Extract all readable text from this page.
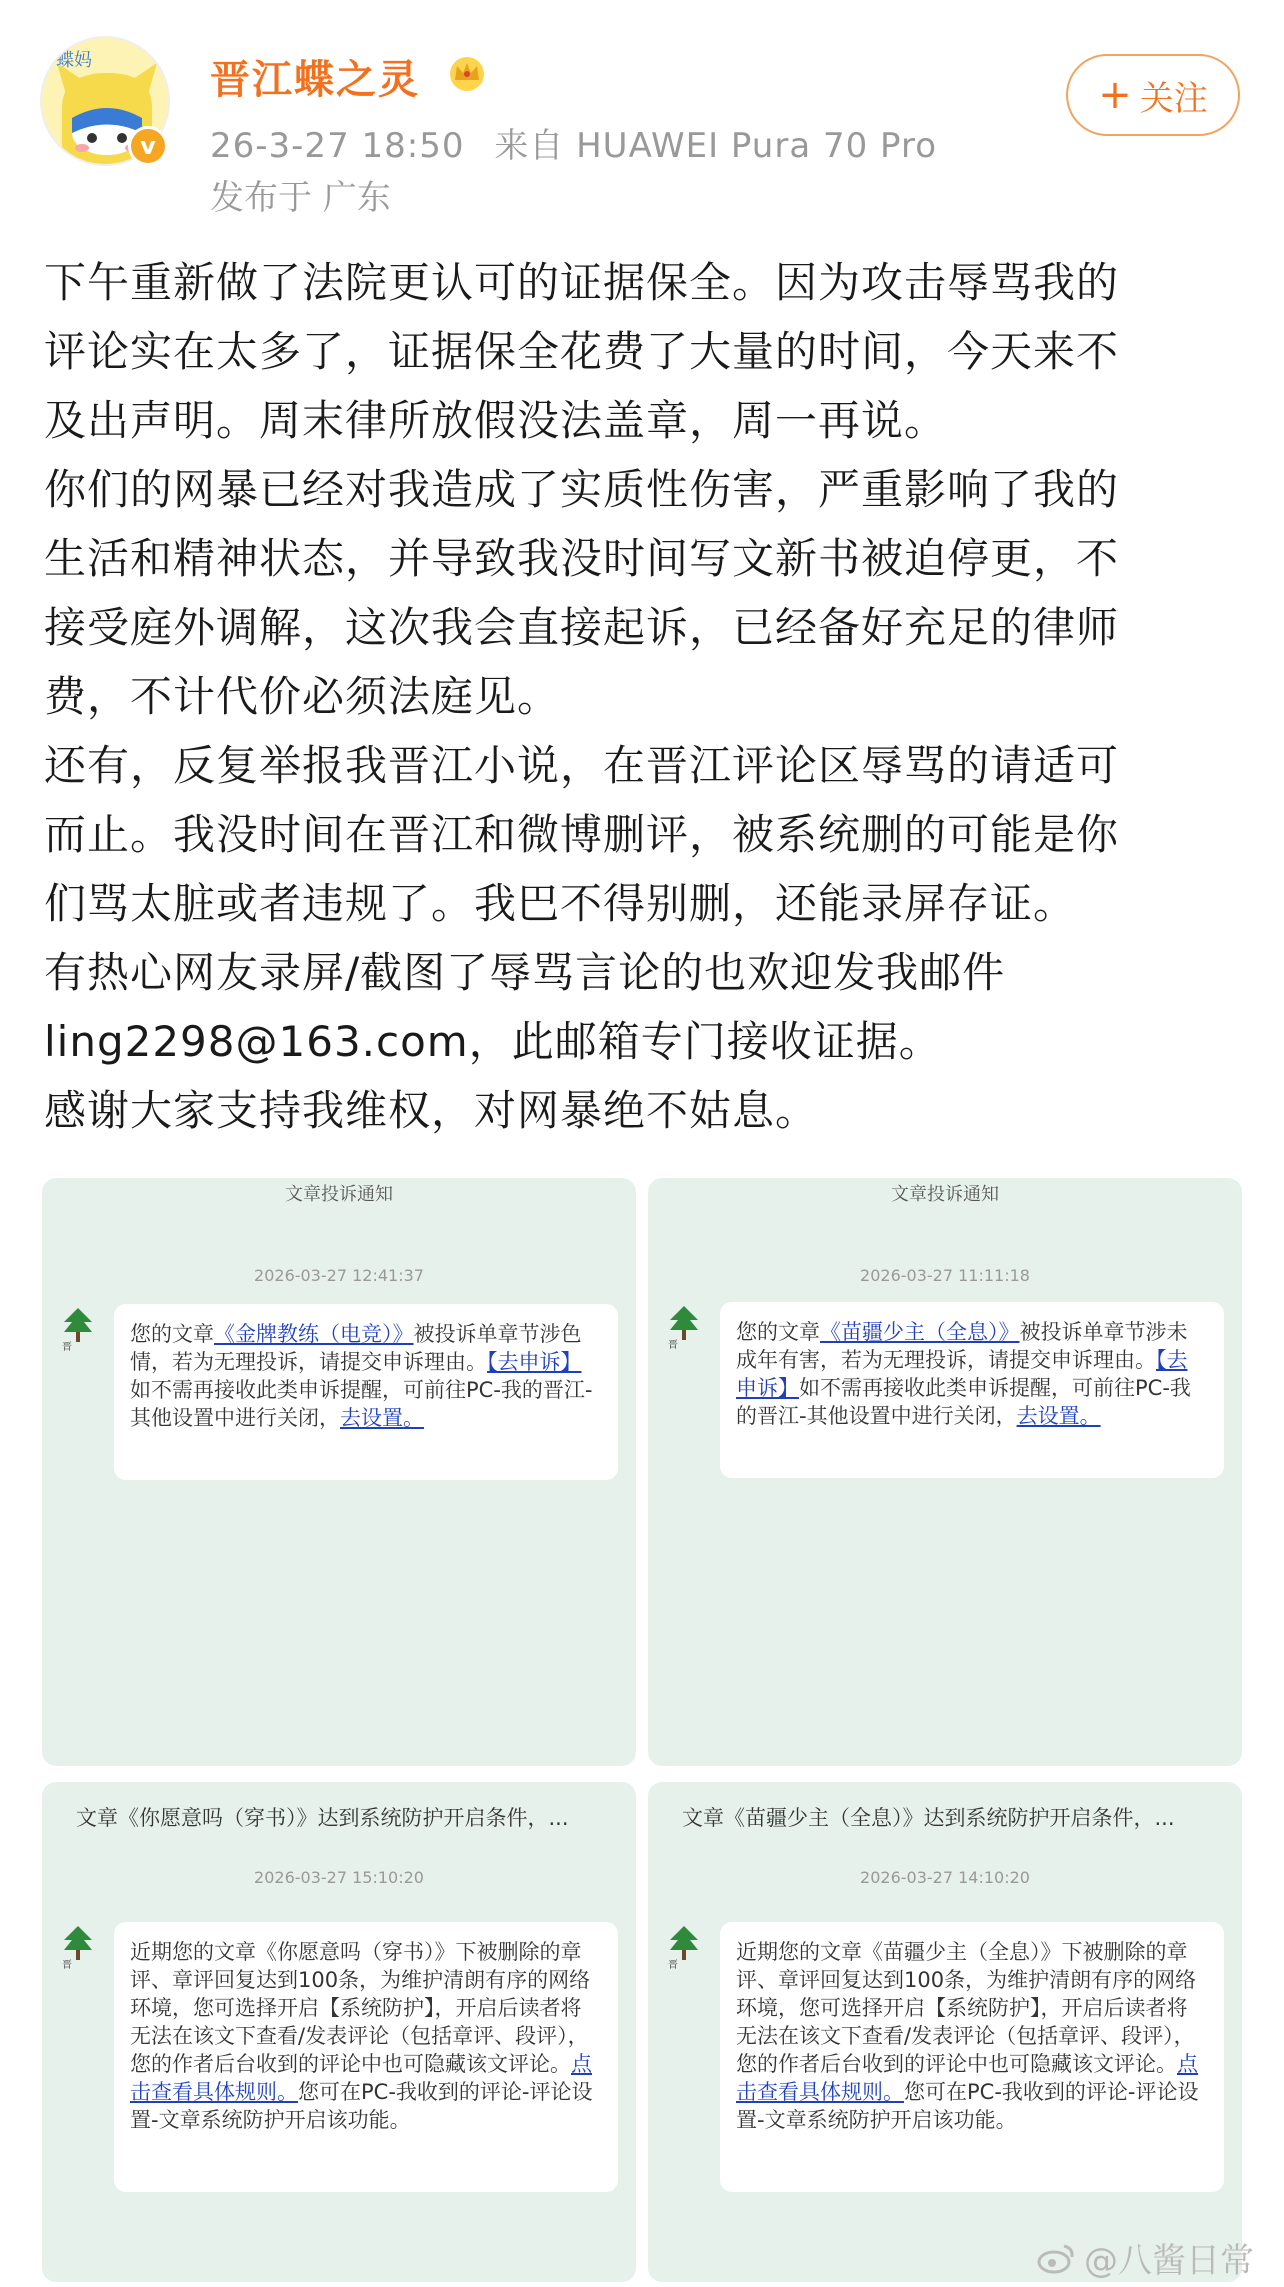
蝶妈
v
晋江蝶之灵
26-3-27 18:50 来自 HUAWEI Pura 70 Pro
发布于 广东
+ 关注

下午重新做了法院更认可的证据保全。因为攻击辱骂我的

评论实在太多了，证据保全花费了大量的时间，今天来不

及出声明。周末律所放假没法盖章，周一再说。

你们的网暴已经对我造成了实质性伤害，严重影响了我的

生活和精神状态，并导致我没时间写文新书被迫停更，不

接受庭外调解，这次我会直接起诉，已经备好充足的律师

费，不计代价必须法庭见。

还有，反复举报我晋江小说，在晋江评论区辱骂的请适可

而止。我没时间在晋江和微博删评，被系统删的可能是你

们骂太脏或者违规了。我巴不得别删，还能录屏存证。

有热心网友录屏/截图了辱骂言论的也欢迎发我邮件

ling2298@163.com，此邮箱专门接收证据。

感谢大家支持我维权，对网暴绝不姑息。

文章投诉通知
2026-03-27 12:41:37
晋
您的文章《金牌教练（电竞）》被投诉单章节涉色情，若为无理投诉，请提交申诉理由。【去申诉】如不需再接收此类申诉提醒，可前往PC-我的晋江-其他设置中进行关闭，去设置。
文章投诉通知
2026-03-27 11:11:18
晋
您的文章《苗疆少主（全息）》被投诉单章节涉未成年有害，若为无理投诉，请提交申诉理由。【去申诉】如不需再接收此类申诉提醒，可前往PC-我的晋江-其他设置中进行关闭，去设置。
文章《你愿意吗（穿书）》达到系统防护开启条件，...
2026-03-27 15:10:20
晋
近期您的文章《你愿意吗（穿书）》下被删除的章评、章评回复达到100条，为维护清朗有序的网络环境，您可选择开启【系统防护】，开启后读者将无法在该文下查看/发表评论（包括章评、段评），您的作者后台收到的评论中也可隐藏该文评论。点击查看具体规则。您可在PC-我收到的评论-评论设置-文章系统防护开启该功能。
文章《苗疆少主（全息）》达到系统防护开启条件，...
2026-03-27 14:10:20
晋
近期您的文章《苗疆少主（全息）》下被删除的章评、章评回复达到100条，为维护清朗有序的网络环境，您可选择开启【系统防护】，开启后读者将无法在该文下查看/发表评论（包括章评、段评），您的作者后台收到的评论中也可隐藏该文评论。点击查看具体规则。您可在PC-我收到的评论-评论设置-文章系统防护开启该功能。
@八酱日常
